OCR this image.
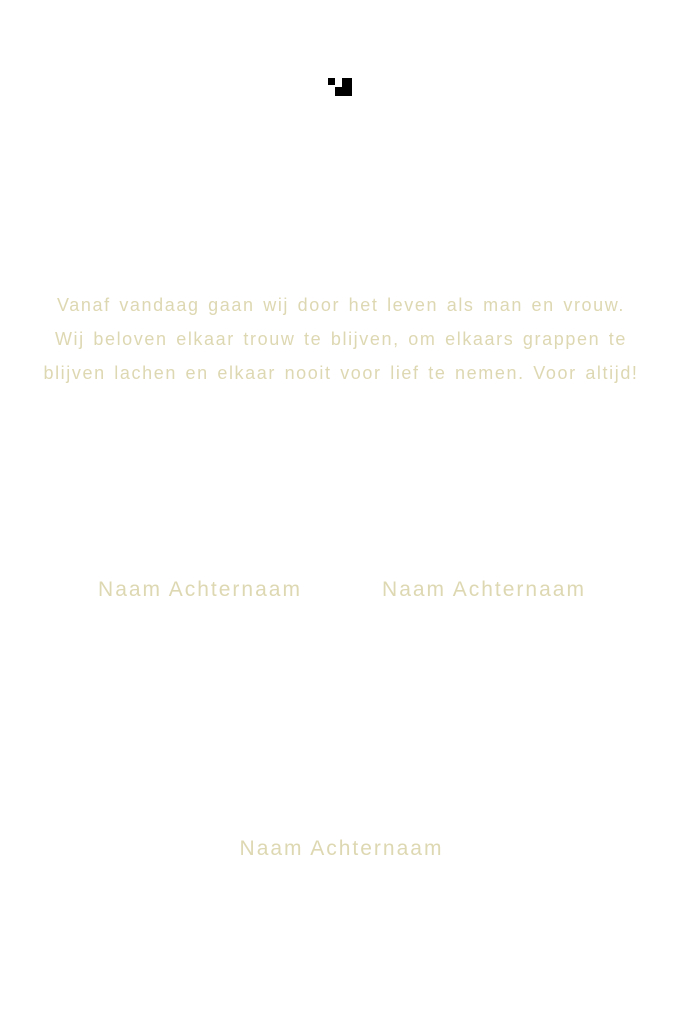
Vanaf vandaag gaan wij door het leven als man en vrouw.
Wij beloven elkaar trouw te blijven, om elkaars grappen te
blijven lachen en elkaar nooit voor lief te nemen. Voor altijd!
Naam Achternaam	Naam Achternaam
Naam Achternaam
